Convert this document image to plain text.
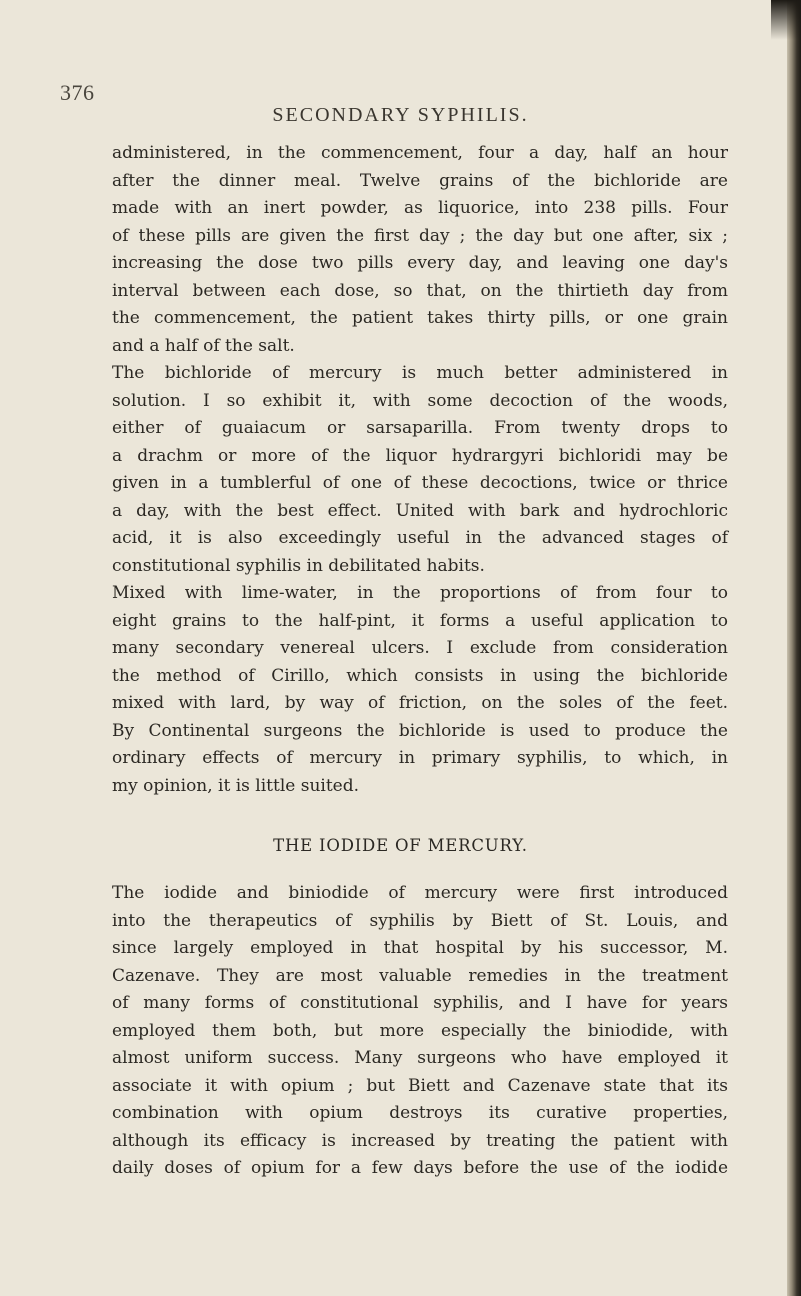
376
SECONDARY SYPHILIS.
administered, in the commencement, four a day, half an hour
after the dinner meal. Twelve grains of the bichloride are
made with an inert powder, as liquorice, into 238 pills. Four
of these pills are given the first day ; the day but one after, six ;
increasing the dose two pills every day, and leaving one day's
interval between each dose, so that, on the thirtieth day from
the commencement, the patient takes thirty pills, or one grain
and a half of the salt.
The bichloride of mercury is much better administered in
solution. I so exhibit it, with some decoction of the woods,
either of guaiacum or sarsaparilla. From twenty drops to
a drachm or more of the liquor hydrargyri bichloridi may be
given in a tumblerful of one of these decoctions, twice or thrice
a day, with the best effect. United with bark and hydrochloric
acid, it is also exceedingly useful in the advanced stages of
constitutional syphilis in debilitated habits.
Mixed with lime-water, in the proportions of from four to
eight grains to the half-pint, it forms a useful application to
many secondary venereal ulcers. I exclude from consideration
the method of Cirillo, which consists in using the bichloride
mixed with lard, by way of friction, on the soles of the feet.
By Continental surgeons the bichloride is used to produce the
ordinary effects of mercury in primary syphilis, to which, in
my opinion, it is little suited.
THE IODIDE OF MERCURY.
The iodide and biniodide of mercury were first introduced
into the therapeutics of syphilis by Biett of St. Louis, and
since largely employed in that hospital by his successor, M.
Cazenave. They are most valuable remedies in the treatment
of many forms of constitutional syphilis, and I have for years
employed them both, but more especially the biniodide, with
almost uniform success. Many surgeons who have employed it
associate it with opium ; but Biett and Cazenave state that its
combination with opium destroys its curative properties,
although its efficacy is increased by treating the patient with
daily doses of opium for a few days before the use of the iodide
